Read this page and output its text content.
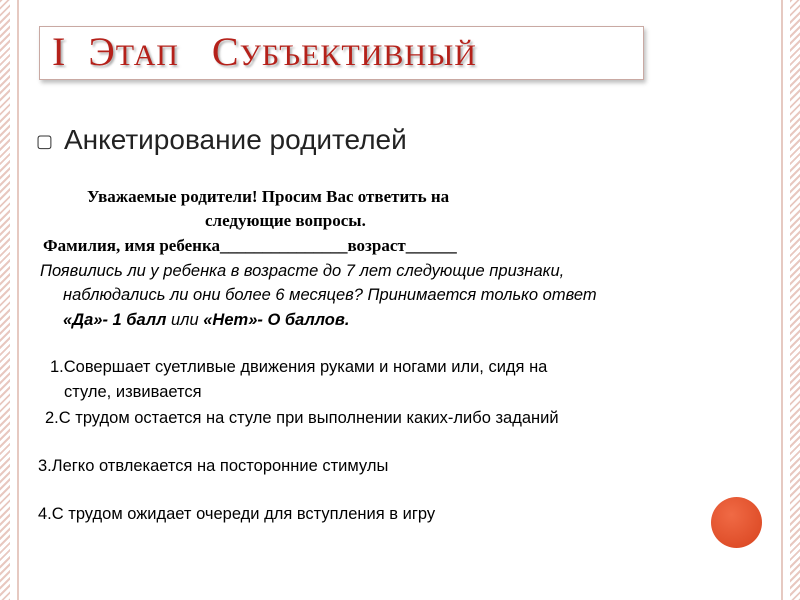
I ЭТАП СУБЪЕКТИВНЫЙ
▢ Анкетирование родителей
Уважаемые родители! Просим Вас ответить на
следующие вопросы.
Фамилия, имя ребенка_______________возраст______
Появились ли у ребенка в возрасте до 7 лет следующие признаки,
наблюдались ли они более 6 месяцев? Принимается только ответ
«Да»- 1 балл или «Нет»- О баллов.
1.Совершает суетливые движения руками и ногами или, сидя на
стуле, извивается
2.С трудом остается на стуле при выполнении каких-либо заданий
3.Легко отвлекается на посторонние стимулы
4.С трудом ожидает очереди для вступления в игру
